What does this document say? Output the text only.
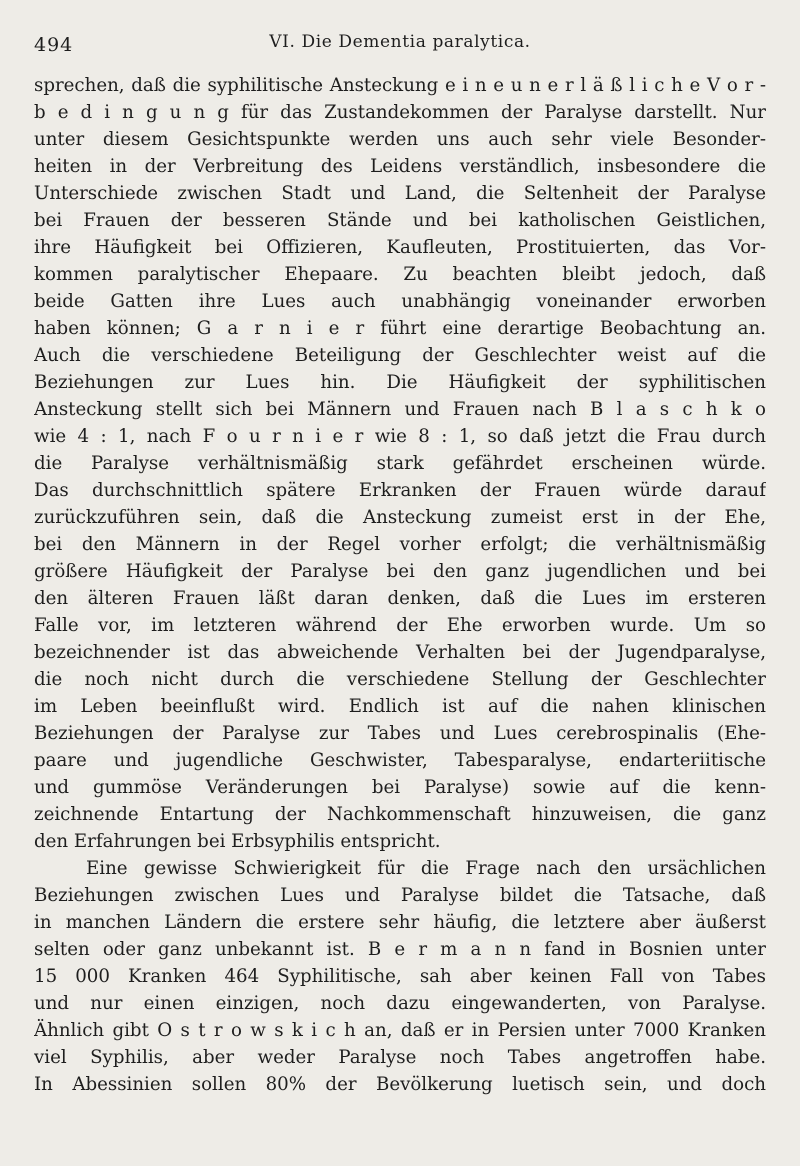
494	VI. Die Dementia paralytica.
sprechen, daß die syphilitische Ansteckung e i n e u n e r l ä ß l i c h e V o r -
b e d i n g u n g für das Zustandekommen der Paralyse darstellt. Nur
unter diesem Gesichtspunkte werden uns auch sehr viele Besonder-
heiten in der Verbreitung des Leidens verständlich, insbesondere die
Unterschiede zwischen Stadt und Land, die Seltenheit der Paralyse
bei Frauen der besseren Stände und bei katholischen Geistlichen,
ihre Häufigkeit bei Offizieren, Kaufleuten, Prostituierten, das Vor-
kommen paralytischer Ehepaare. Zu beachten bleibt jedoch, daß
beide Gatten ihre Lues auch unabhängig voneinander erworben
haben können; G a r n i e r führt eine derartige Beobachtung an.
Auch die verschiedene Beteiligung der Geschlechter weist auf die
Beziehungen zur Lues hin. Die Häufigkeit der syphilitischen
Ansteckung stellt sich bei Männern und Frauen nach B l a s c h k o
wie 4 : 1, nach F o u r n i e r wie 8 : 1, so daß jetzt die Frau durch
die Paralyse verhältnismäßig stark gefährdet erscheinen würde.
Das durchschnittlich spätere Erkranken der Frauen würde darauf
zurückzuführen sein, daß die Ansteckung zumeist erst in der Ehe,
bei den Männern in der Regel vorher erfolgt; die verhältnismäßig
größere Häufigkeit der Paralyse bei den ganz jugendlichen und bei
den älteren Frauen läßt daran denken, daß die Lues im ersteren
Falle vor, im letzteren während der Ehe erworben wurde. Um so
bezeichnender ist das abweichende Verhalten bei der Jugendparalyse,
die noch nicht durch die verschiedene Stellung der Geschlechter
im Leben beeinflußt wird. Endlich ist auf die nahen klinischen
Beziehungen der Paralyse zur Tabes und Lues cerebrospinalis (Ehe-
paare und jugendliche Geschwister, Tabesparalyse, endarteriitische
und gummöse Veränderungen bei Paralyse) sowie auf die kenn-
zeichnende Entartung der Nachkommenschaft hinzuweisen, die ganz
den Erfahrungen bei Erbsyphilis entspricht.
Eine gewisse Schwierigkeit für die Frage nach den ursächlichen
Beziehungen zwischen Lues und Paralyse bildet die Tatsache, daß
in manchen Ländern die erstere sehr häufig, die letztere aber äußerst
selten oder ganz unbekannt ist. B e r m a n n fand in Bosnien unter
15 000 Kranken 464 Syphilitische, sah aber keinen Fall von Tabes
und nur einen einzigen, noch dazu eingewanderten, von Paralyse.
Ähnlich gibt O s t r o w s k i c h an, daß er in Persien unter 7000 Kranken
viel Syphilis, aber weder Paralyse noch Tabes angetroffen habe.
In Abessinien sollen 80% der Bevölkerung luetisch sein, und doch
